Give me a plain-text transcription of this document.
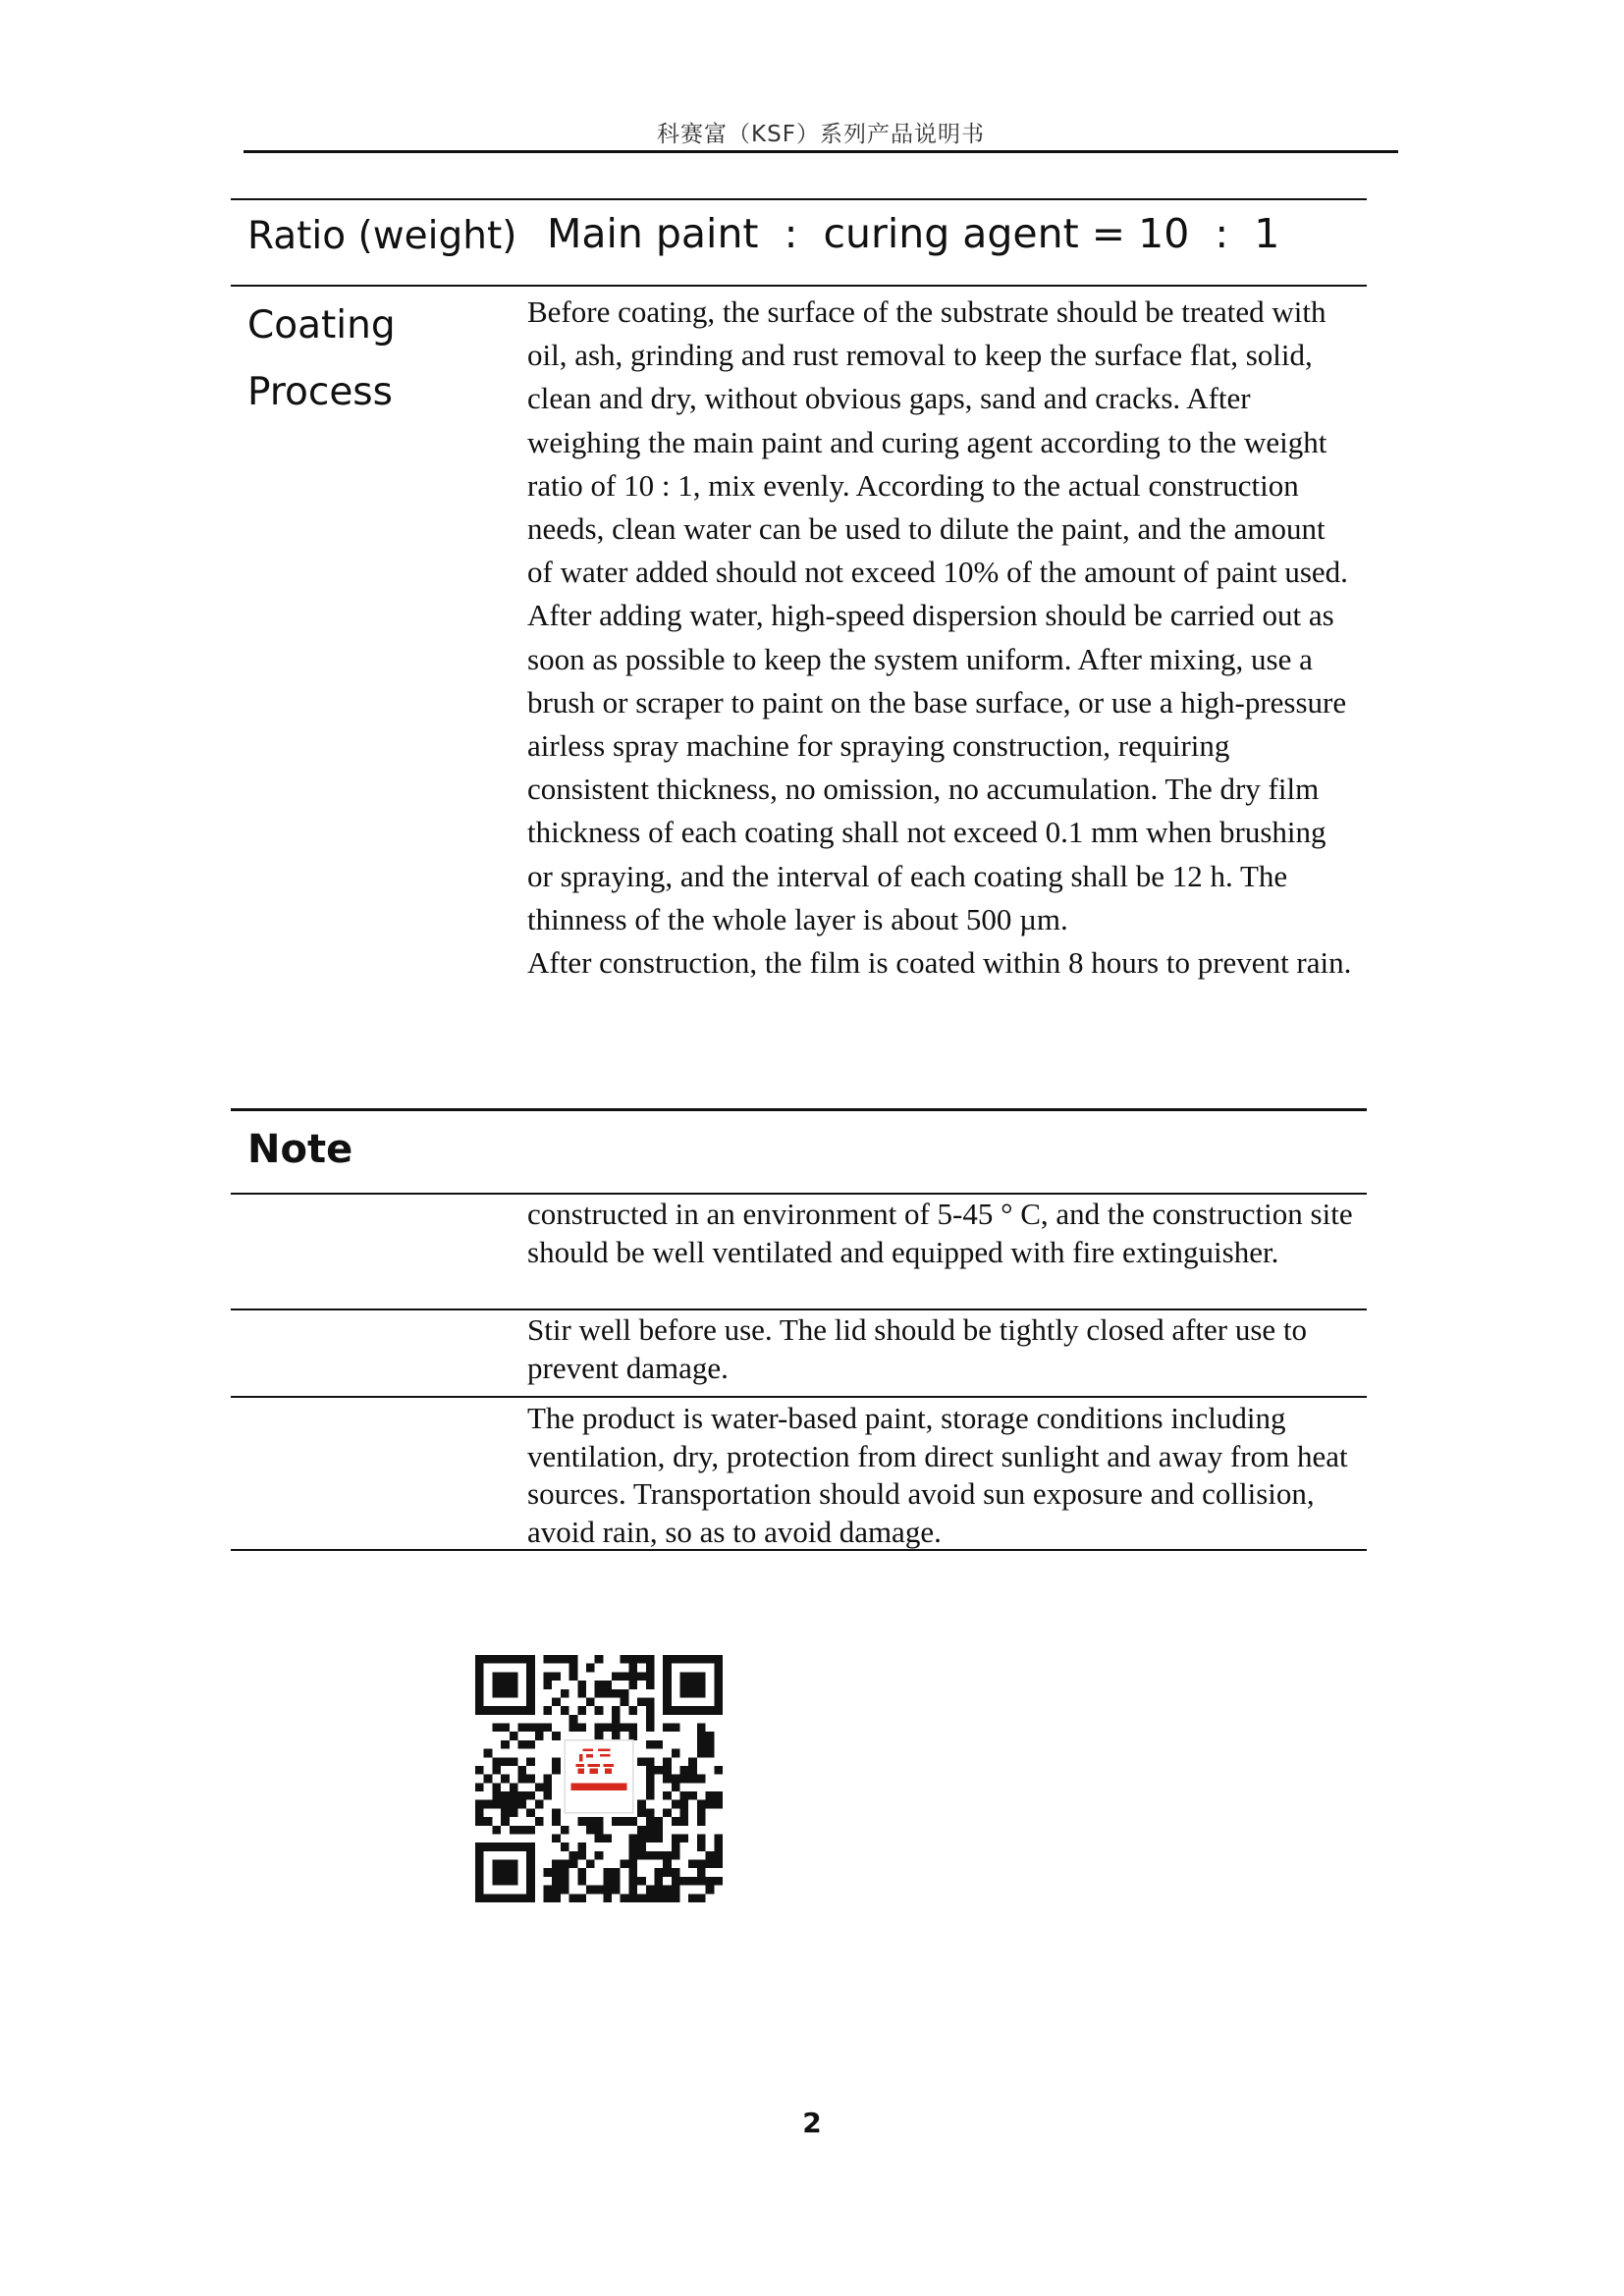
科赛富（KSF）系列产品说明书
Ratio (weight) Main paint  :  curing agent = 10  :  1
Coating Process
Before coating, the surface of the substrate should be treated with oil, ash, grinding and rust removal to keep the surface flat, solid, clean and dry, without obvious gaps, sand and cracks. After weighing the main paint and curing agent according to the weight ratio of 10 : 1, mix evenly. According to the actual construction needs, clean water can be used to dilute the paint, and the amount of water added should not exceed 10% of the amount of paint used. After adding water, high-speed dispersion should be carried out as soon as possible to keep the system uniform. After mixing, use a brush or scraper to paint on the base surface, or use a high-pressure airless spray machine for spraying construction, requiring consistent thickness, no omission, no accumulation. The dry film thickness of each coating shall not exceed 0.1 mm when brushing or spraying, and the interval of each coating shall be 12 h. The thinness of the whole layer is about 500 µm.
After construction, the film is coated within 8 hours to prevent rain.
Note
constructed in an environment of 5-45 ° C, and the construction site should be well ventilated and equipped with fire extinguisher.
Stir well before use. The lid should be tightly closed after use to prevent damage.
The product is water-based paint, storage conditions including ventilation, dry, protection from direct sunlight and away from heat sources. Transportation should avoid sun exposure and collision, avoid rain, so as to avoid damage.
2
